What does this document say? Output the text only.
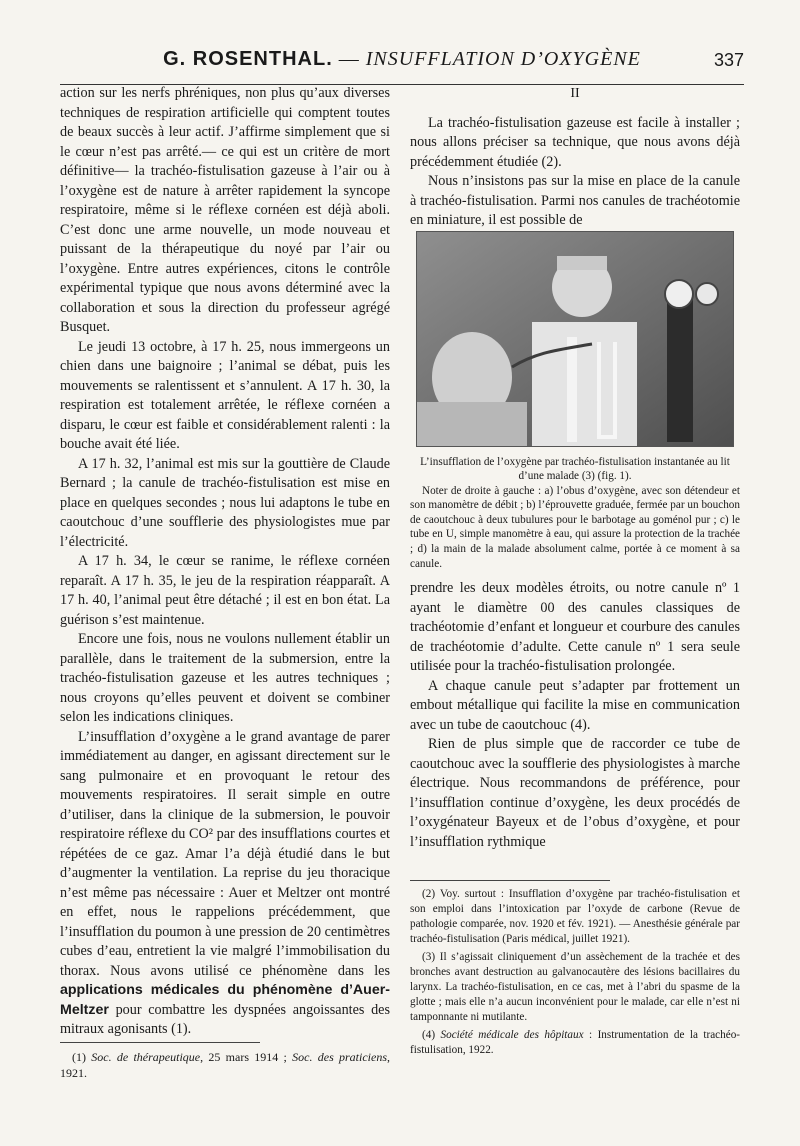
G. ROSENTHAL. — INSUFFLATION D’OXYGÈNE	337

action sur les nerfs phréniques, non plus qu’aux diverses techniques de respiration artificielle qui comptent toutes de beaux succès à leur actif. J’affirme simplement que si le cœur n’est pas arrêté.— ce qui est un critère de mort définitive— la trachéo-fistulisation gazeuse à l’air ou à l’oxygène est de nature à arrêter rapidement la syncope respiratoire, même si le réflexe cornéen est déjà aboli. C’est donc une arme nouvelle, un mode nouveau et puissant de la thérapeutique du noyé par l’air ou l’oxygène. Entre autres expériences, citons le contrôle expérimental typique que nous avons déterminé avec la collaboration et sous la direction du professeur agrégé Busquet.

Le jeudi 13 octobre, à 17 h. 25, nous immergeons un chien dans une baignoire ; l’animal se débat, puis les mouvements se ralentissent et s’annulent. A 17 h. 30, la respiration est totalement arrêtée, le réflexe cornéen a disparu, le cœur est faible et considérablement ralenti : la bouche avait été liée.

A 17 h. 32, l’animal est mis sur la gouttière de Claude Bernard ; la canule de trachéo-fistulisation est mise en place en quelques secondes ; nous lui adaptons le tube en caoutchouc d’une soufflerie des physiologistes mue par l’électricité.

A 17 h. 34, le cœur se ranime, le réflexe cornéen reparaît. A 17 h. 35, le jeu de la respiration réapparaît. A 17 h. 40, l’animal peut être détaché ; il est en bon état. La guérison s’est maintenue.

Encore une fois, nous ne voulons nullement établir un parallèle, dans le traitement de la submersion, entre la trachéo-fistulisation gazeuse et les autres techniques ; nous croyons qu’elles peuvent et doivent se combiner selon les indications cliniques.

L’insufflation d’oxygène a le grand avantage de parer immédiatement au danger, en agissant directement sur le sang pulmonaire et en provoquant le retour des mouvements respiratoires. Il serait simple en outre d’utiliser, dans la clinique de la submersion, le pouvoir respiratoire réflexe du CO² par des insufflations courtes et répétées de ce gaz. Amar l’a déjà étudié dans le but d’augmenter la ventilation. La reprise du jeu thoracique n’est même pas nécessaire : Auer et Meltzer ont montré en effet, nous le rappelions précédemment, que l’insufflation du poumon à une pression de 20 centimètres cubes d’eau, entretient la vie malgré l’immobilisation du thorax. Nous avons utilisé ce phénomène dans les applications médicales du phénomène d’Auer-Meltzer pour combattre les dyspnées angoissantes des mitraux agonisants (1).

(1) Soc. de thérapeutique, 25 mars 1914 ; Soc. des praticiens, 1921.

II

La trachéo-fistulisation gazeuse est facile à installer ; nous allons préciser sa technique, que nous avons déjà précédemment étudiée (2).

Nous n’insistons pas sur la mise en place de la canule à trachéo-fistulisation. Parmi nos canules de trachéotomie en miniature, il est possible de

L’insufflation de l’oxygène par trachéo-fistulisation instantanée au lit d’une malade (3) (fig. 1).
Noter de droite à gauche : a) l’obus d’oxygène, avec son détendeur et son manomètre de débit ; b) l’éprouvette graduée, fermée par un bouchon de caoutchouc à deux tubulures pour le barbotage au goménol pur ; c) le tube en U, simple manomètre à eau, qui assure la protection de la trachée ; d) la main de la malade absolument calme, portée à ce moment à sa canule.

prendre les deux modèles étroits, ou notre canule nº 1 ayant le diamètre 00 des canules classiques de trachéotomie d’enfant et longueur et courbure des canules de trachéotomie d’adulte. Cette canule nº 1 sera seule utilisée pour la trachéo-fistulisation prolongée.

A chaque canule peut s’adapter par frottement un embout métallique qui facilite la mise en communication avec un tube de caoutchouc (4).

Rien de plus simple que de raccorder ce tube de caoutchouc avec la soufflerie des physiologistes à marche électrique. Nous recommandons de préférence, pour l’insufflation continue d’oxygène, les deux procédés de l’oxygénateur Bayeux et de l’obus d’oxygène, et pour l’insufflation rythmique

(2) Voy. surtout : Insufflation d’oxygène par trachéo-fistulisation et son emploi dans l’intoxication par l’oxyde de carbone (Revue de pathologie comparée, nov. 1920 et fév. 1921). — Anesthésie générale par trachéo-fistulisation (Paris médical, juillet 1921).

(3) Il s’agissait cliniquement d’un assèchement de la trachée et des bronches avant destruction au galvanocautère des lésions bacillaires du larynx. La trachéo-fistulisation, en ce cas, met à l’abri du spasme de la glotte ; mais elle n’a aucun inconvénient pour le malade, car elle n’est ni tamponnante ni mutilante.

(4) Société médicale des hôpitaux : Instrumentation de la trachéo-fistulisation, 1922.
